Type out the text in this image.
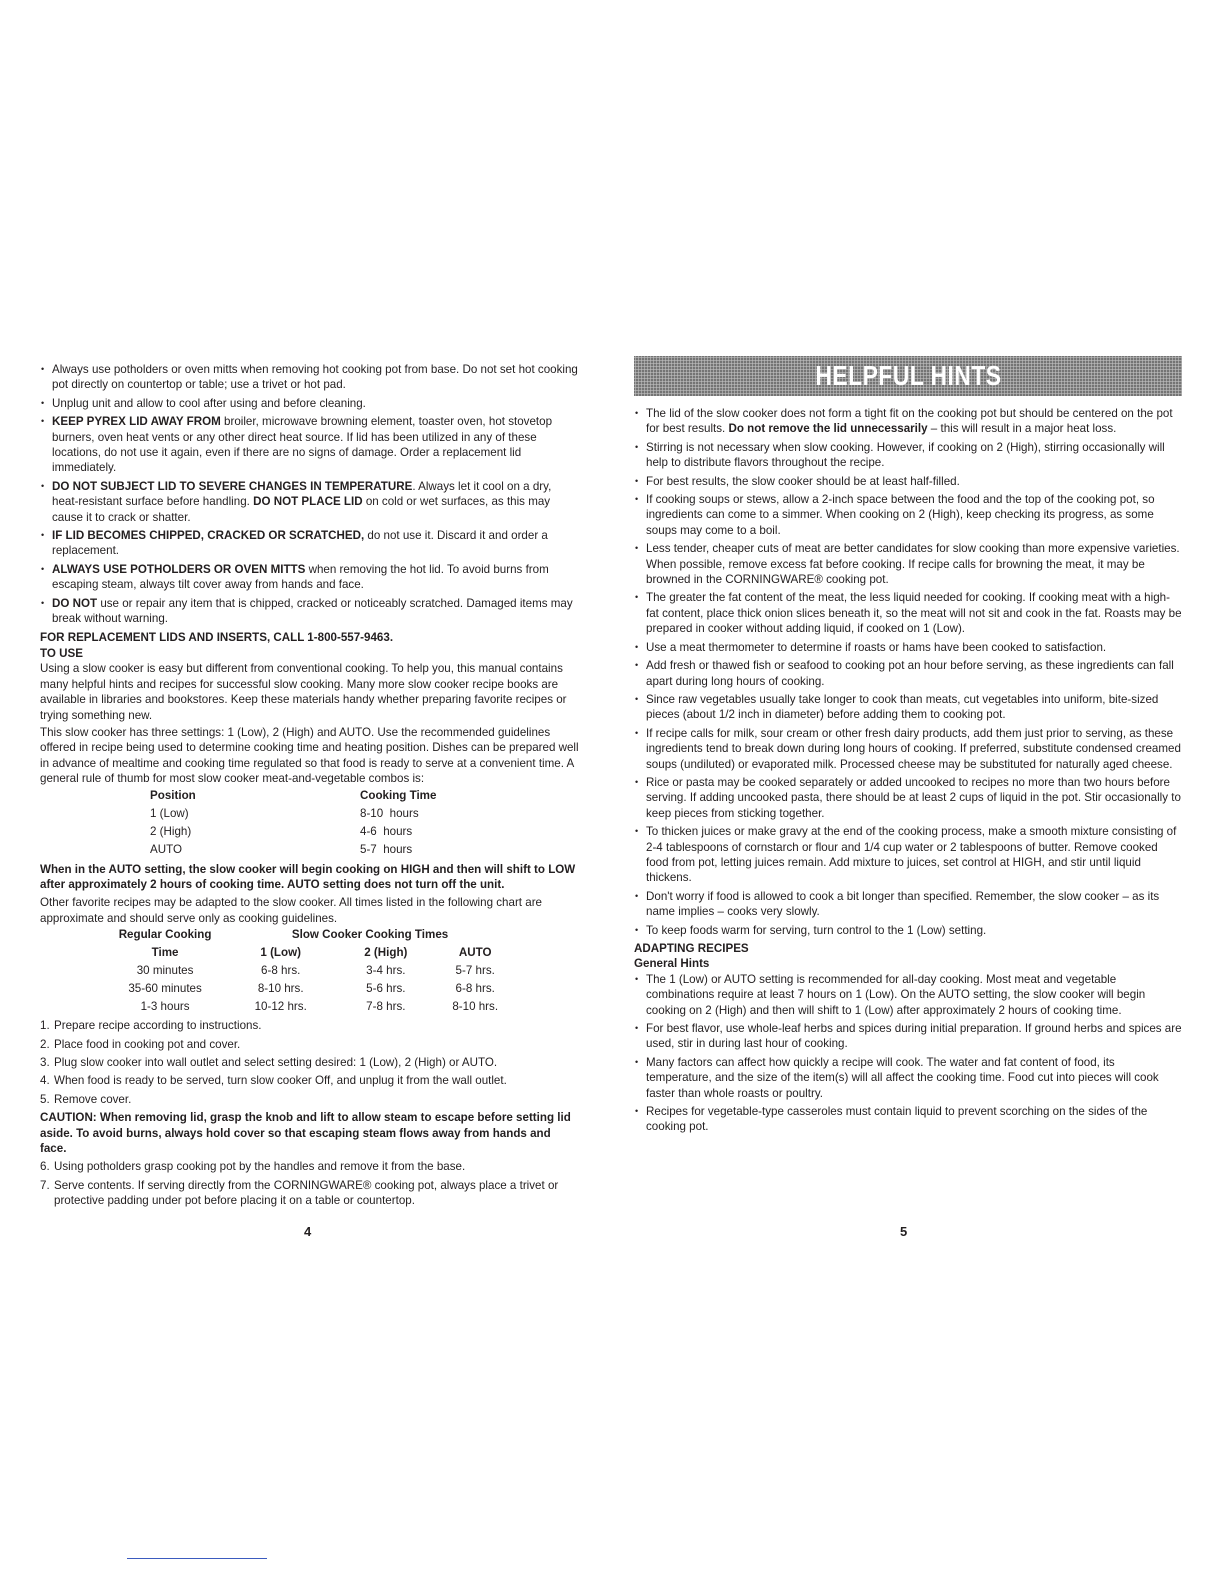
• Always use potholders or oven mitts when removing hot cooking pot from base. Do not set hot cooking pot directly on countertop or table; use a trivet or hot pad.
• Unplug unit and allow to cool after using and before cleaning.
• KEEP PYREX LID AWAY FROM broiler, microwave browning element, toaster oven, hot stovetop burners, oven heat vents or any other direct heat source. If lid has been utilized in any of these locations, do not use it again, even if there are no signs of damage. Order a replacement lid immediately.
• DO NOT SUBJECT LID TO SEVERE CHANGES IN TEMPERATURE. Always let it cool on a dry, heat-resistant surface before handling. DO NOT PLACE LID on cold or wet surfaces, as this may cause it to crack or shatter.
• IF LID BECOMES CHIPPED, CRACKED OR SCRATCHED, do not use it. Discard it and order a replacement.
• ALWAYS USE POTHOLDERS OR OVEN MITTS when removing the hot lid. To avoid burns from escaping steam, always tilt cover away from hands and face.
• DO NOT use or repair any item that is chipped, cracked or noticeably scratched. Damaged items may break without warning.

FOR REPLACEMENT LIDS AND INSERTS, CALL 1-800-557-9463.

TO USE

Using a slow cooker is easy but different from conventional cooking. To help you, this manual contains many helpful hints and recipes for successful slow cooking. Many more slow cooker recipe books are available in libraries and bookstores. Keep these materials handy whether preparing favorite recipes or trying something new.

This slow cooker has three settings: 1 (Low), 2 (High) and AUTO. Use the recommended guidelines offered in recipe being used to determine cooking time and heating position. Dishes can be prepared well in advance of mealtime and cooking time regulated so that food is ready to serve at a convenient time. A general rule of thumb for most slow cooker meat-and-vegetable combos is:

Position	Cooking Time
1 (Low)	8-10  hours
2 (High)	4-6  hours
AUTO	5-7  hours

When in the AUTO setting, the slow cooker will begin cooking on HIGH and then will shift to LOW after approximately 2 hours of cooking time. AUTO setting does not turn off the unit.

Other favorite recipes may be adapted to the slow cooker. All times listed in the following chart are approximate and should serve only as cooking guidelines.

Regular Cooking	Slow Cooker Cooking Times		
Time	1 (Low)	2 (High)	AUTO
30 minutes	6-8 hrs.	3-4 hrs.	5-7 hrs.
35-60 minutes	8-10 hrs.	5-6 hrs.	6-8 hrs.
1-3 hours	10-12 hrs.	7-8 hrs.	8-10 hrs.
1. Prepare recipe according to instructions.
2. Place food in cooking pot and cover.
3. Plug slow cooker into wall outlet and select setting desired: 1 (Low), 2 (High) or AUTO.
4. When food is ready to be served, turn slow cooker Off, and unplug it from the wall outlet.
5. Remove cover.

CAUTION: When removing lid, grasp the knob and lift to allow steam to escape before setting lid aside. To avoid burns, always hold cover so that escaping steam flows away from hands and face.

6. Using potholders grasp cooking pot by the handles and remove it from the base.
7. Serve contents. If serving directly from the CORNINGWARE® cooking pot, always place a trivet or protective padding under pot before placing it on a table or countertop.
4
HELPFUL HINTS
• The lid of the slow cooker does not form a tight fit on the cooking pot but should be centered on the pot for best results. Do not remove the lid unnecessarily – this will result in a major heat loss.
• Stirring is not necessary when slow cooking. However, if cooking on 2 (High), stirring occasionally will help to distribute flavors throughout the recipe.
• For best results, the slow cooker should be at least half-filled.
• If cooking soups or stews, allow a 2-inch space between the food and the top of the cooking pot, so ingredients can come to a simmer. When cooking on 2 (High), keep checking its progress, as some soups may come to a boil.
• Less tender, cheaper cuts of meat are better candidates for slow cooking than more expensive varieties. When possible, remove excess fat before cooking. If recipe calls for browning the meat, it may be browned in the CORNINGWARE® cooking pot.
• The greater the fat content of the meat, the less liquid needed for cooking. If cooking meat with a high-fat content, place thick onion slices beneath it, so the meat will not sit and cook in the fat. Roasts may be prepared in cooker without adding liquid, if cooked on 1 (Low).
• Use a meat thermometer to determine if roasts or hams have been cooked to satisfaction.
• Add fresh or thawed fish or seafood to cooking pot an hour before serving, as these ingredients can fall apart during long hours of cooking.
• Since raw vegetables usually take longer to cook than meats, cut vegetables into uniform, bite-sized pieces (about 1/2 inch in diameter) before adding them to cooking pot.
• If recipe calls for milk, sour cream or other fresh dairy products, add them just prior to serving, as these ingredients tend to break down during long hours of cooking. If preferred, substitute condensed creamed soups (undiluted) or evaporated milk. Processed cheese may be substituted for naturally aged cheese.
• Rice or pasta may be cooked separately or added uncooked to recipes no more than two hours before serving. If adding uncooked pasta, there should be at least 2 cups of liquid in the pot. Stir occasionally to keep pieces from sticking together.
• To thicken juices or make gravy at the end of the cooking process, make a smooth mixture consisting of 2-4 tablespoons of cornstarch or flour and 1/4 cup water or 2 tablespoons of butter. Remove cooked food from pot, letting juices remain. Add mixture to juices, set control at HIGH, and stir until liquid thickens.
• Don't worry if food is allowed to cook a bit longer than specified. Remember, the slow cooker – as its name implies – cooks very slowly.
• To keep foods warm for serving, turn control to the 1 (Low) setting.

ADAPTING RECIPES

General Hints

• The 1 (Low) or AUTO setting is recommended for all-day cooking. Most meat and vegetable combinations require at least 7 hours on 1 (Low). On the AUTO setting, the slow cooker will begin cooking on 2 (High) and then will shift to 1 (Low) after approximately 2 hours of cooking time.
• For best flavor, use whole-leaf herbs and spices during initial preparation. If ground herbs and spices are used, stir in during last hour of cooking.
• Many factors can affect how quickly a recipe will cook. The water and fat content of food, its temperature, and the size of the item(s) will all affect the cooking time. Food cut into pieces will cook faster than whole roasts or poultry.
• Recipes for vegetable-type casseroles must contain liquid to prevent scorching on the sides of the cooking pot.
5
